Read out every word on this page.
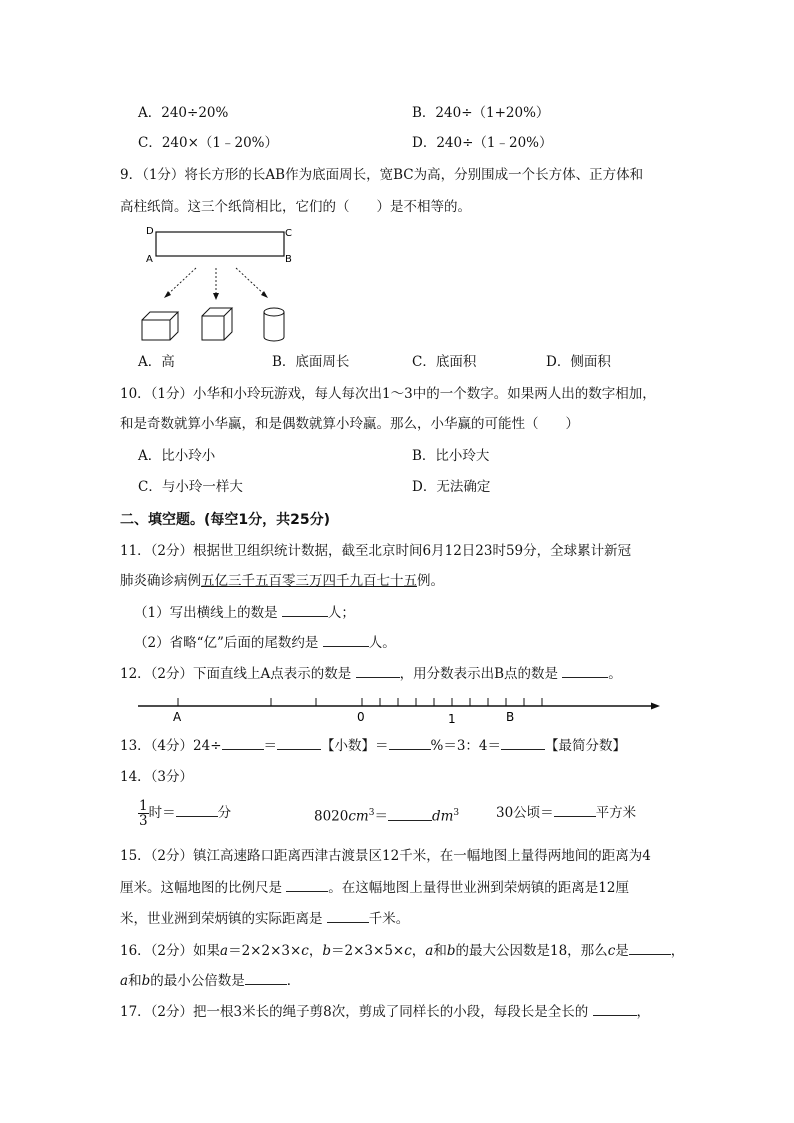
A．240÷20%	B．240÷（1+20%）
C．240×（1﹣20%）	D．240÷（1﹣20%）
9．（1分）将长方形的长AB作为底面周长，宽BC为高，分别围成一个长方体、正方体和
高柱纸筒。这三个纸筒相比，它们的（　　）是不相等的。
D	C
A	B
A．高	B．底面周长	C．底面积	D．侧面积
10．（1分）小华和小玲玩游戏，每人每次出1～3中的一个数字。如果两人出的数字相加，
和是奇数就算小华赢，和是偶数就算小玲赢。那么，小华赢的可能性（　　）
A．比小玲小	B．比小玲大
C．与小玲一样大	D．无法确定
二、填空题。(每空1分，共25分)
11．（2分）根据世卫组织统计数据，截至北京时间6月12日23时59分，全球累计新冠
肺炎确诊病例五亿三千五百零三万四千九百七十五例。
（1）写出横线上的数是	人；
（2）省略“亿”后面的尾数约是	人。
12．（2分）下面直线上A点表示的数是	，用分数表示出B点的数是	。
A	0	1	B
13．（4分）24÷	＝	【小数】＝	%＝3：4＝	【最简分数】
14．（3分）
$\frac{1}{3}$ 时＝	分	$8020cm^3=$	$dm^3$	30公顷＝	平方米
15．（2分）镇江高速路口距离西津古渡景区12千米，在一幅地图上量得两地间的距离为4
厘米。这幅地图的比例尺是	。在这幅地图上量得世业洲到荣炳镇的距离是12厘
米，世业洲到荣炳镇的实际距离是	千米。
16．（2分）如果a＝2×2×3×c，b＝2×3×5×c，a和b的最大公因数是18，那么c是	，
a和b的最小公倍数是	．
17．（2分）把一根3米长的绳子剪8次，剪成了同样长的小段，每段长是全长的	，
